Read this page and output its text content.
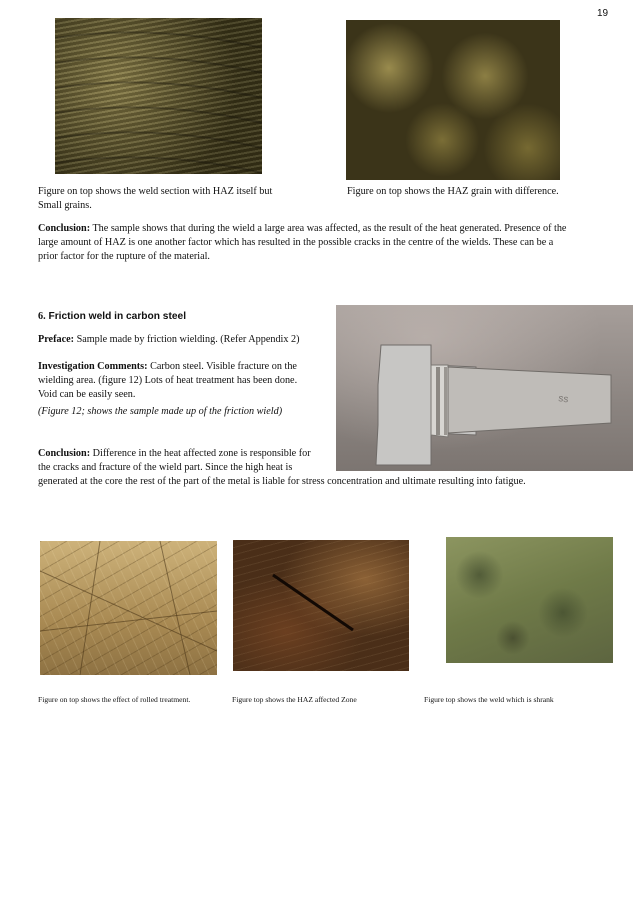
19
Figure on top shows the weld section with HAZ itself but
Small grains.
Figure on top shows the HAZ grain with difference.
Conclusion: The sample shows that during the wield a large area was affected, as the result of the heat generated. Presence of the
large amount of HAZ is one another factor which has resulted in the possible cracks in the centre of the wields. These can be a
prior factor for the rupture of the material.
6. Friction weld in carbon steel
Preface: Sample made by friction wielding. (Refer Appendix 2)
Investigation Comments: Carbon steel. Visible fracture on the
wielding area. (figure 12) Lots of heat treatment has been done.
Void can be easily seen.
(Figure 12; shows the sample made up of the friction wield)
ss
Conclusion: Difference in the heat affected zone is responsible for
the cracks and fracture of the wield part. Since the high heat is
generated at the core the rest of the part of the metal is liable for stress concentration and ultimate resulting into fatigue.
Figure on top shows the effect of rolled treatment.	Figure top shows the HAZ affected Zone	Figure top shows the weld which is shrank
